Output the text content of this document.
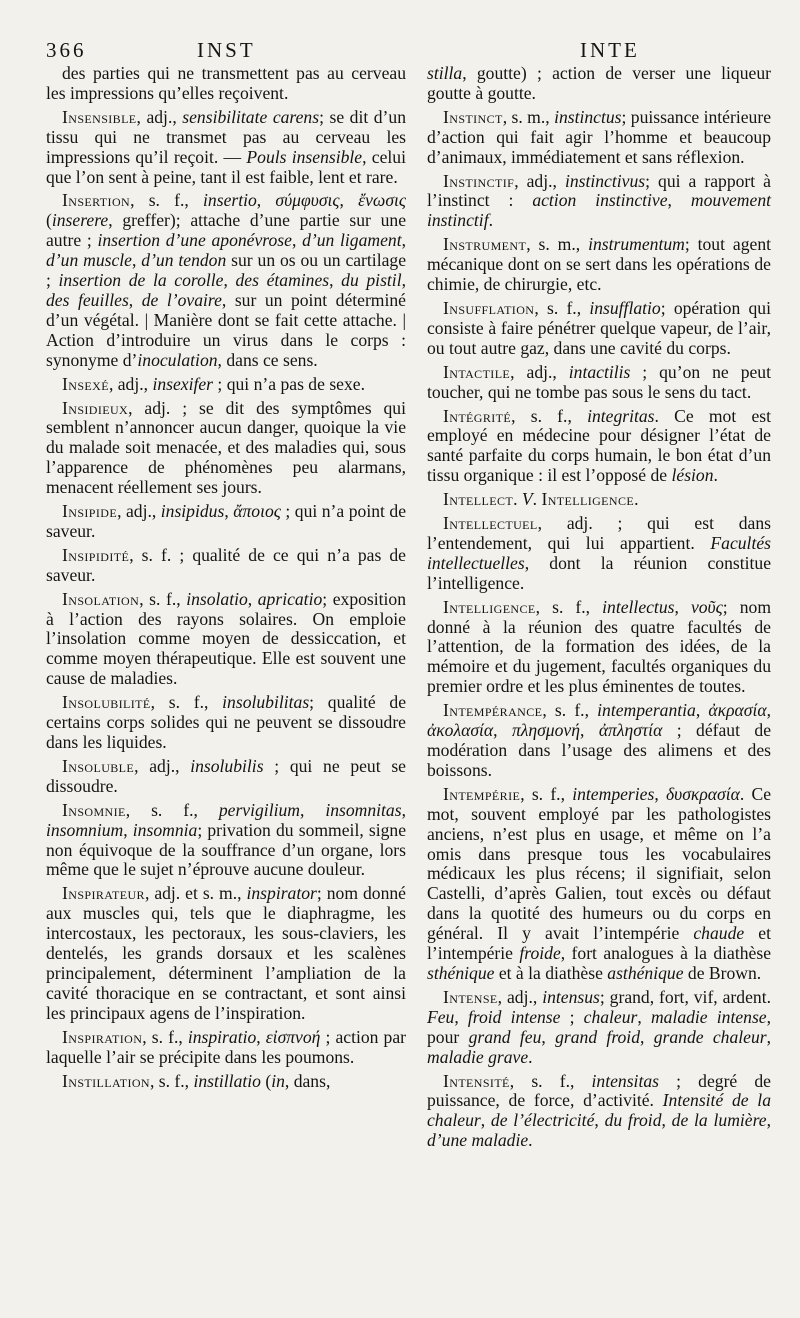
366	INST	INTE

des parties qui ne transmettent pas au cerveau les impressions qu’elles reçoivent.

Insensible, adj., sensibilitate carens; se dit d’un tissu qui ne transmet pas au cerveau les impressions qu’il reçoit. — Pouls insensible, celui que l’on sent à peine, tant il est faible, lent et rare.

Insertion, s. f., insertio, σύμφυσις, ἔνωσις (inserere, greffer); attache d’une partie sur une autre ; insertion d’une aponévrose, d’un ligament, d’un muscle, d’un tendon sur un os ou un cartilage ; insertion de la corolle, des étamines, du pistil, des feuilles, de l’ovaire, sur un point déterminé d’un végétal. | Manière dont se fait cette attache. | Action d’introduire un virus dans le corps : synonyme d’inoculation, dans ce sens.

Insexé, adj., insexifer ; qui n’a pas de sexe.

Insidieux, adj. ; se dit des symptômes qui semblent n’annoncer aucun danger, quoique la vie du malade soit menacée, et des maladies qui, sous l’apparence de phénomènes peu alarmans, menacent réellement ses jours.

Insipide, adj., insipidus, ἄποιος ; qui n’a point de saveur.

Insipidité, s. f. ; qualité de ce qui n’a pas de saveur.

Insolation, s. f., insolatio, apricatio; exposition à l’action des rayons solaires. On emploie l’insolation comme moyen de dessiccation, et comme moyen thérapeutique. Elle est souvent une cause de maladies.

Insolubilité, s. f., insolubilitas; qualité de certains corps solides qui ne peuvent se dissoudre dans les liquides.

Insoluble, adj., insolubilis ; qui ne peut se dissoudre.

Insomnie, s. f., pervigilium, insomnitas, insomnium, insomnia; privation du sommeil, signe non équivoque de la souffrance d’un organe, lors même que le sujet n’éprouve aucune douleur.

Inspirateur, adj. et s. m., inspirator; nom donné aux muscles qui, tels que le diaphragme, les intercostaux, les pectoraux, les sous-claviers, les dentelés, les grands dorsaux et les scalènes principalement, déterminent l’ampliation de la cavité thoracique en se contractant, et sont ainsi les principaux agens de l’inspiration.

Inspiration, s. f., inspiratio, εἰσπνοή ; action par laquelle l’air se précipite dans les poumons.

Instillation, s. f., instillatio (in, dans,

stilla, goutte) ; action de verser une liqueur goutte à goutte.

Instinct, s. m., instinctus; puissance intérieure d’action qui fait agir l’homme et beaucoup d’animaux, immédiatement et sans réflexion.

Instinctif, adj., instinctivus; qui a rapport à l’instinct : action instinctive, mouvement instinctif.

Instrument, s. m., instrumentum; tout agent mécanique dont on se sert dans les opérations de chimie, de chirurgie, etc.

Insufflation, s. f., insufflatio; opération qui consiste à faire pénétrer quelque vapeur, de l’air, ou tout autre gaz, dans une cavité du corps.

Intactile, adj., intactilis ; qu’on ne peut toucher, qui ne tombe pas sous le sens du tact.

Intégrité, s. f., integritas. Ce mot est employé en médecine pour désigner l’état de santé parfaite du corps humain, le bon état d’un tissu organique : il est l’opposé de lésion.

Intellect. V. Intelligence.

Intellectuel, adj. ; qui est dans l’entendement, qui lui appartient. Facultés intellectuelles, dont la réunion constitue l’intelligence.

Intelligence, s. f., intellectus, νοῦς; nom donné à la réunion des quatre facultés de l’attention, de la formation des idées, de la mémoire et du jugement, facultés organiques du premier ordre et les plus éminentes de toutes.

Intempérance, s. f., intemperantia, ἀκρασία, ἀκολασία, πλησμονή, ἀπληστία ; défaut de modération dans l’usage des alimens et des boissons.

Intempérie, s. f., intemperies, δυσκρασία. Ce mot, souvent employé par les pathologistes anciens, n’est plus en usage, et même on l’a omis dans presque tous les vocabulaires médicaux les plus récens; il signifiait, selon Castelli, d’après Galien, tout excès ou défaut dans la quotité des humeurs ou du corps en général. Il y avait l’intempérie chaude et l’intempérie froide, fort analogues à la diathèse sthénique et à la diathèse asthénique de Brown.

Intense, adj., intensus; grand, fort, vif, ardent. Feu, froid intense ; chaleur, maladie intense, pour grand feu, grand froid, grande chaleur, maladie grave.

Intensité, s. f., intensitas ; degré de puissance, de force, d’activité. Intensité de la chaleur, de l’électricité, du froid, de la lumière, d’une maladie.
